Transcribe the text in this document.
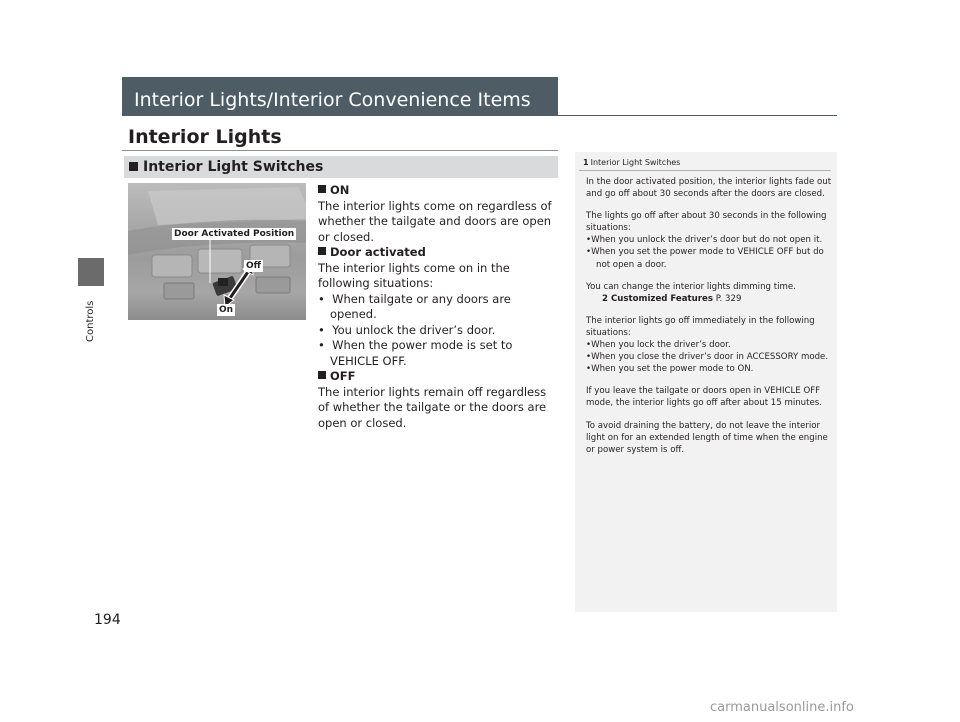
Controls
194
Interior Lights/Interior Convenience Items
Interior Lights
Interior Light Switches
Door Activated Position
Off
On

ON

The interior lights come on regardless of whether the tailgate and doors are open or closed.

Door activated

The interior lights come on in the following situations:

•  When tailgate or any doors are opened.

•  You unlock the driver’s door.

•  When the power mode is set to VEHICLE OFF.

OFF

The interior lights remain off regardless of whether the tailgate or the doors are open or closed.

1 Interior Light Switches

In the door activated position, the interior lights fade out and go off about 30 seconds after the doors are closed.

The lights go off after about 30 seconds in the following situations:

•When you unlock the driver’s door but do not open it.

•When you set the power mode to VEHICLE OFF but do not open a door.

You can change the interior lights dimming time.

2 Customized Features P. 329

The interior lights go off immediately in the following situations:

•When you lock the driver’s door.

•When you close the driver’s door in ACCESSORY mode.

•When you set the power mode to ON.

If you leave the tailgate or doors open in VEHICLE OFF mode, the interior lights go off after about 15 minutes.

To avoid draining the battery, do not leave the interior light on for an extended length of time when the engine or power system is off.

carmanualsonline.info
